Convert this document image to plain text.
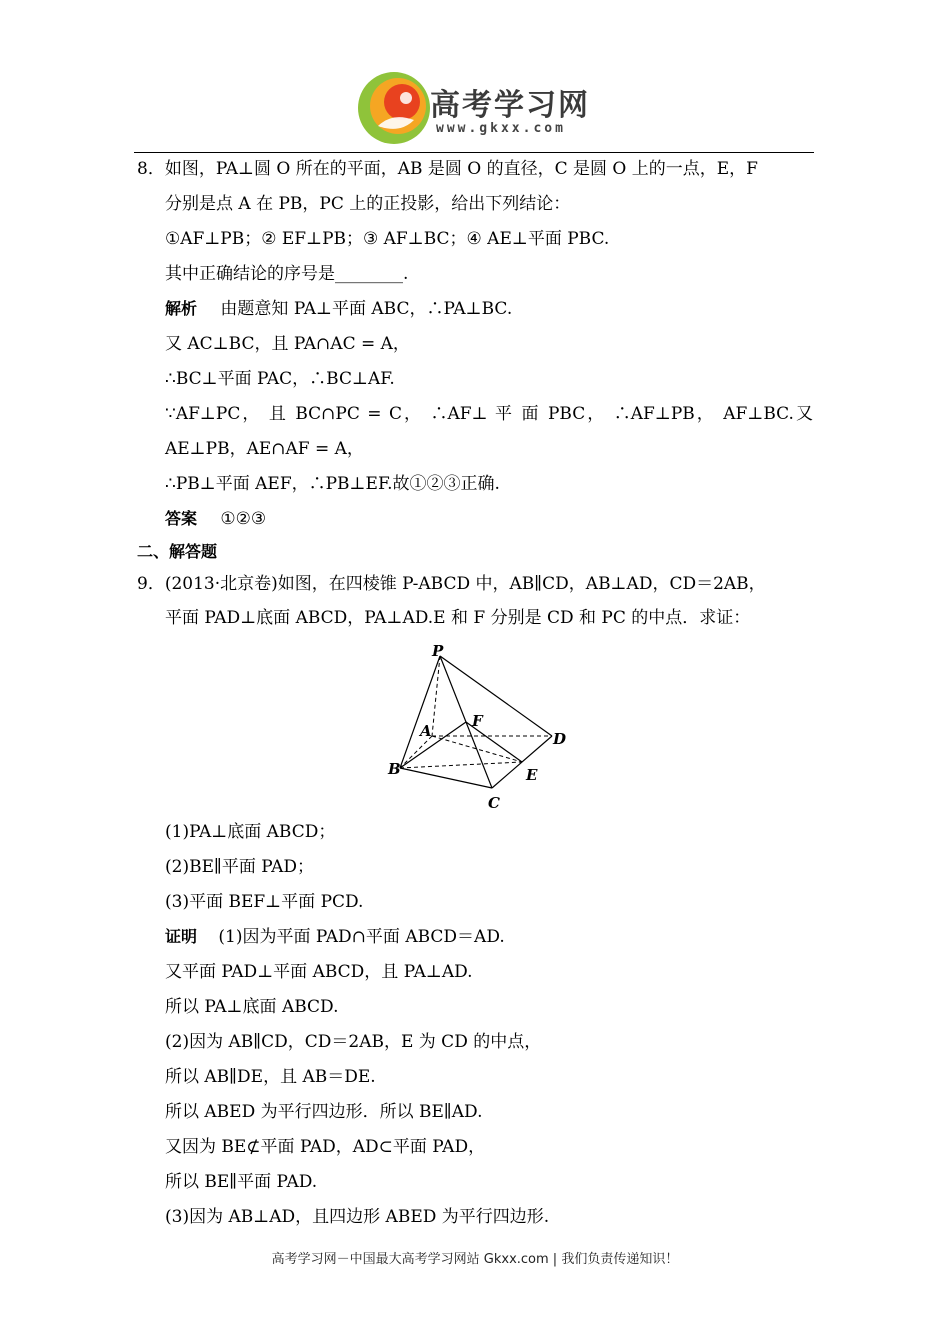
高考学习网
www.gkxx.com
8．如图，PA⊥圆 O 所在的平面，AB 是圆 O 的直径，C 是圆 O 上的一点，E，F
分别是点 A 在 PB，PC 上的正投影，给出下列结论：
①AF⊥PB；② EF⊥PB；③ AF⊥BC；④ AE⊥平面 PBC.
其中正确结论的序号是________.
解析 由题意知 PA⊥平面 ABC，∴PA⊥BC.
又 AC⊥BC，且 PA∩AC = A，
∴BC⊥平面 PAC，∴BC⊥AF.
∵AF⊥PC， 且 BC∩PC = C， ∴AF⊥ 平 面 PBC， ∴AF⊥PB， AF⊥BC.又
AE⊥PB，AE∩AF = A，
∴PB⊥平面 AEF，∴PB⊥EF.故①②③正确.
答案 ①②③
二、解答题
9．(2013·北京卷)如图，在四棱锥 P-ABCD 中，AB∥CD，AB⊥AD，CD＝2AB，
平面 PAD⊥底面 ABCD，PA⊥AD.E 和 F 分别是 CD 和 PC 的中点．求证：
P
A
B
C
D
E
F
(1)PA⊥底面 ABCD；
(2)BE∥平面 PAD；
(3)平面 BEF⊥平面 PCD.
证明 (1)因为平面 PAD∩平面 ABCD＝AD.
又平面 PAD⊥平面 ABCD，且 PA⊥AD.
所以 PA⊥底面 ABCD.
(2)因为 AB∥CD，CD＝2AB，E 为 CD 的中点，
所以 AB∥DE，且 AB＝DE.
所以 ABED 为平行四边形．所以 BE∥AD.
又因为 BE⊄平面 PAD，AD⊂平面 PAD，
所以 BE∥平面 PAD.
(3)因为 AB⊥AD，且四边形 ABED 为平行四边形.
高考学习网－中国最大高考学习网站 Gkxx.com | 我们负责传递知识！
